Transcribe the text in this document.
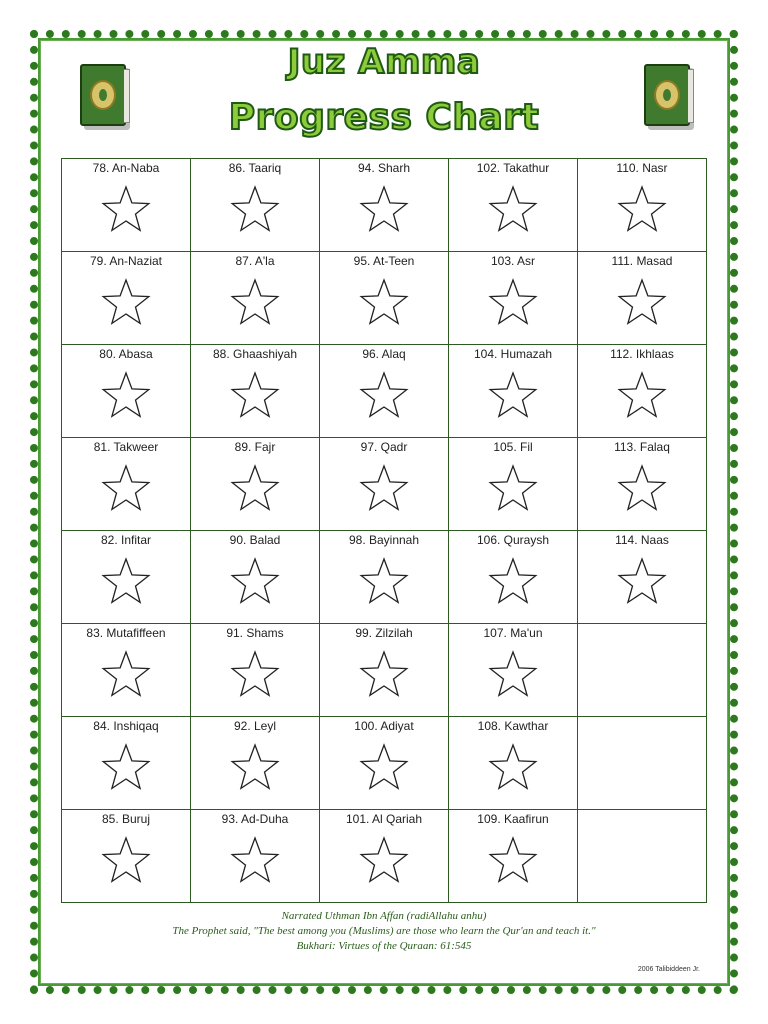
Juz Amma
Progress Chart
78. An-Naba	86. Taariq	94. Sharh	102. Takathur	110. Nasr

79. An-Naziat	87. A'la	95. At-Teen	103. Asr	111. Masad

80. Abasa	88. Ghaashiyah	96. Alaq	104. Humazah	112. Ikhlaas

81. Takweer	89. Fajr	97. Qadr	105. Fil	113. Falaq

82. Infitar	90. Balad	98. Bayinnah	106. Quraysh	114. Naas

83. Mutafiffeen	91. Shams	99. Zilzilah	107. Ma'un	

84. Inshiqaq	92. Leyl	100. Adiyat	108. Kawthar	

85. Buruj	93. Ad-Duha	101. Al Qariah	109. Kaafirun	

Narrated Uthman Ibn Affan (radiAllahu anhu)
The Prophet said, "The best among you (Muslims) are those who learn the Qur'an and teach it."
Bukhari: Virtues of the Quraan: 61:545
2006 Talibiddeen Jr.
